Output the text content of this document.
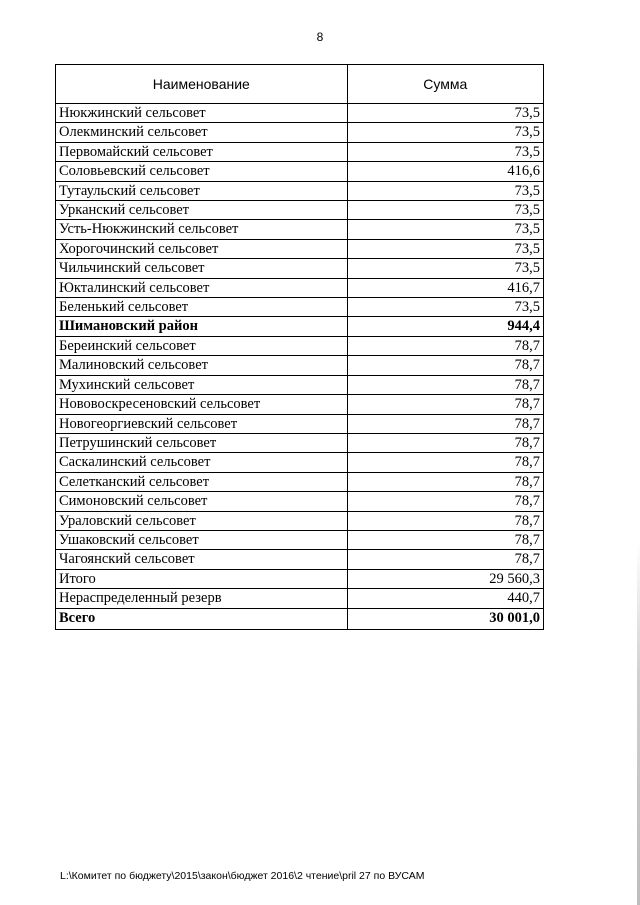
8
Наименование	Сумма
Нюкжинский сельсовет	73,5
Олекминский сельсовет	73,5
Первомайский сельсовет	73,5
Соловьевский сельсовет	416,6
Тутаульский сельсовет	73,5
Урканский сельсовет	73,5
Усть-Нюкжинский сельсовет	73,5
Хорогочинский сельсовет	73,5
Чильчинский сельсовет	73,5
Юкталинский сельсовет	416,7
Беленький сельсовет	73,5
Шимановский район	944,4
Береинский сельсовет	78,7
Малиновский сельсовет	78,7
Мухинский сельсовет	78,7
Нововоскресеновский сельсовет	78,7
Новогеоргиевский сельсовет	78,7
Петрушинский сельсовет	78,7
Саскалинский сельсовет	78,7
Селетканский сельсовет	78,7
Симоновский сельсовет	78,7
Ураловский сельсовет	78,7
Ушаковский сельсовет	78,7
Чагоянский сельсовет	78,7
Итого	29 560,3
Нераспределенный резерв	440,7
Всего	30 001,0
L:\Комитет по бюджету\2015\закон\бюджет 2016\2 чтение\pril 27 по ВУСАМ
